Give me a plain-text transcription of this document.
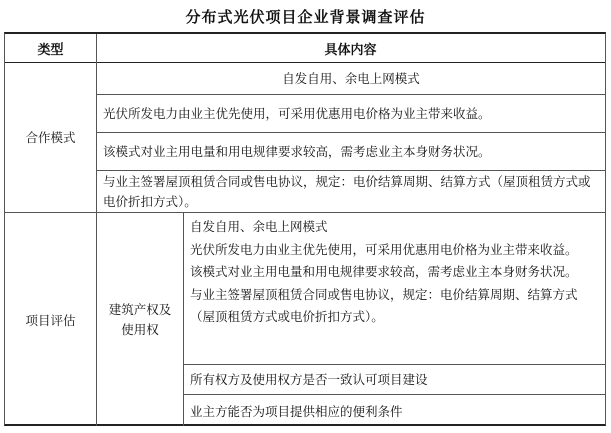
分布式光伏项目企业背景调查评估
类型	具体内容
合作模式
自发自用、余电上网模式
光伏所发电力由业主优先使用，可采用优惠用电价格为业主带来收益。
该模式对业主用电量和用电规律要求较高，需考虑业主本身财务状况。
与业主签署屋顶租赁合同或售电协议，规定：电价结算周期、结算方式（屋顶租赁方式或电价折扣方式）。
项目评估
建筑产权及使用权
自发自用、余电上网模式
光伏所发电力由业主优先使用，可采用优惠用电价格为业主带来收益。
该模式对业主用电量和用电规律要求较高，需考虑业主本身财务状况。
与业主签署屋顶租赁合同或售电协议，规定：电价结算周期、结算方式（屋顶租赁方式或电价折扣方式）。
所有权方及使用权方是否一致认可项目建设
业主方能否为项目提供相应的便利条件
